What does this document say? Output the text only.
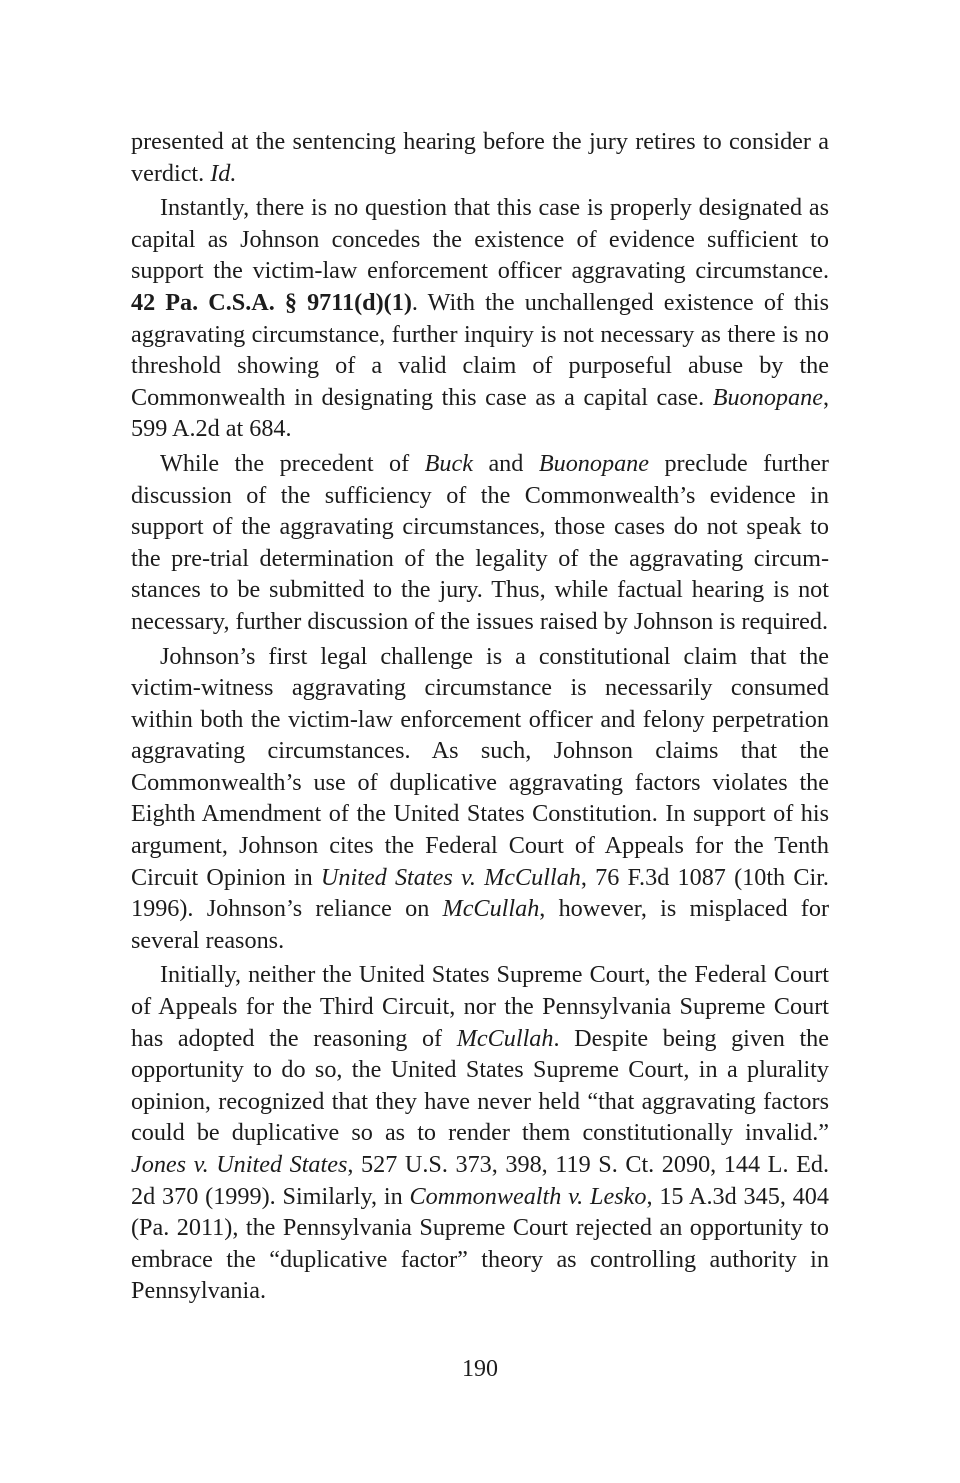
presented at the sentencing hearing before the jury retires to consider a verdict. Id.

Instantly, there is no question that this case is properly designated as capital as Johnson concedes the existence of evidence sufficient to support the victim-law enforcement officer aggravating circumstance. 42 Pa. C.S.A. § 9711(d)(1). With the unchallenged existence of this aggravating circumstance, further inquiry is not necessary as there is no threshold showing of a valid claim of purposeful abuse by the Commonwealth in designating this case as a capital case. Buonopane, 599 A.2d at 684.

While the precedent of Buck and Buonopane preclude further discussion of the sufficiency of the Commonwealth’s evidence in support of the aggravating circumstances, those cases do not speak to the pre-trial determination of the legality of the aggravating circumstances to be submitted to the jury. Thus, while factual hearing is not necessary, further discussion of the issues raised by Johnson is required.

Johnson’s first legal challenge is a constitutional claim that the victim-witness aggravating circumstance is necessarily consumed within both the victim-law enforcement officer and felony perpetration aggravating circumstances. As such, Johnson claims that the Commonwealth’s use of duplicative aggravating factors violates the Eighth Amendment of the United States Constitution. In support of his argument, Johnson cites the Federal Court of Appeals for the Tenth Circuit Opinion in United States v. McCullah, 76 F.3d 1087 (10th Cir. 1996). Johnson’s reliance on McCullah, however, is misplaced for several reasons.

Initially, neither the United States Supreme Court, the Federal Court of Appeals for the Third Circuit, nor the Pennsylvania Supreme Court has adopted the reasoning of McCullah. Despite being given the opportunity to do so, the United States Supreme Court, in a plurality opinion, recognized that they have never held “that aggravating factors could be duplicative so as to render them constitutionally invalid.” Jones v. United States, 527 U.S. 373, 398, 119 S. Ct. 2090, 144 L. Ed. 2d 370 (1999). Similarly, in Commonwealth v. Lesko, 15 A.3d 345, 404 (Pa. 2011), the Pennsylvania Supreme Court rejected an opportunity to embrace the “duplicative factor” theory as controlling authority in Pennsylvania.

190
